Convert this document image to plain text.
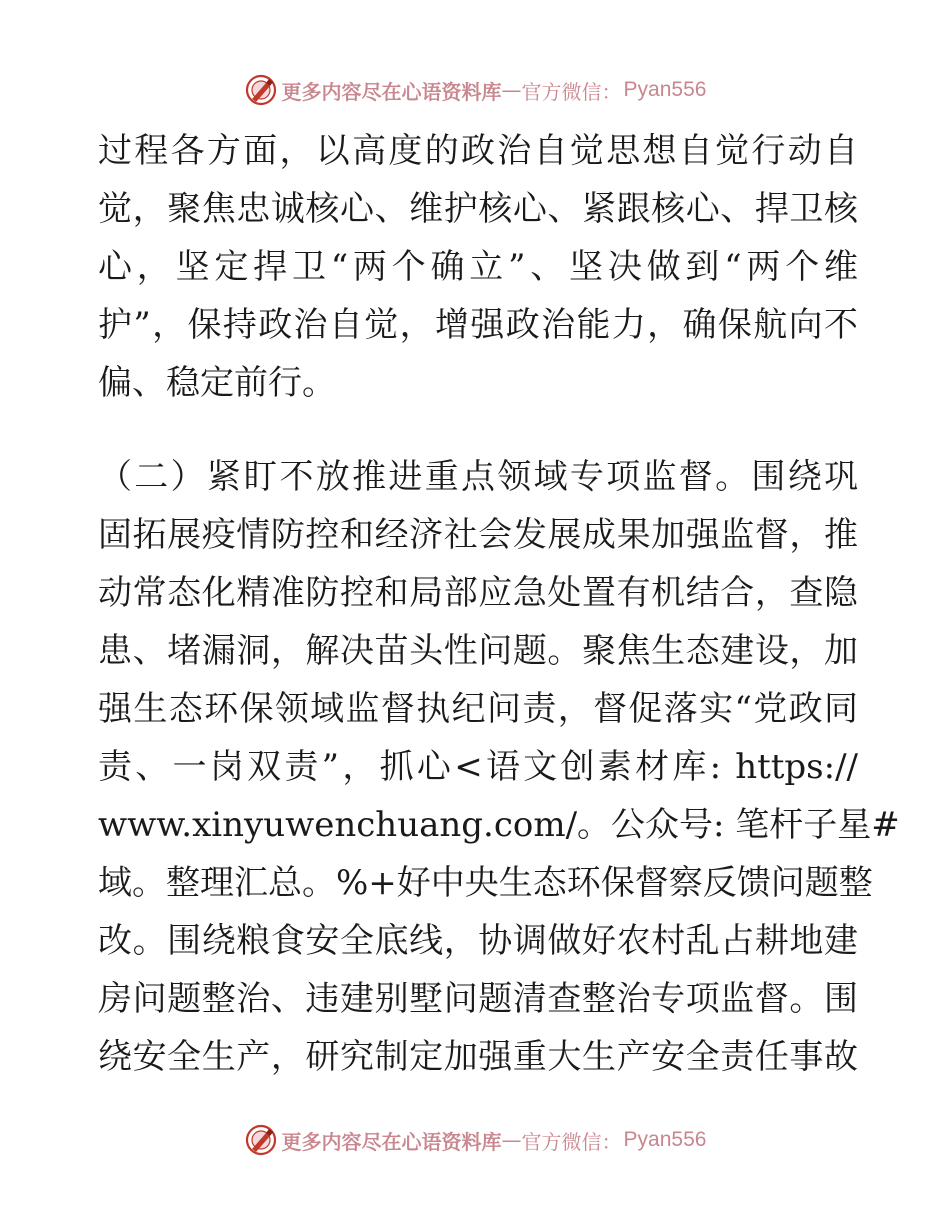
更多内容尽在心语资料库 — 官方微信： Pyan556
过程各方面，以高度的政治自觉思想自觉行动自
觉，聚焦忠诚核心、维护核心、紧跟核心、捍卫核
心，坚定捍卫“两个确立”、坚决做到“两个维
护”，保持政治自觉，增强政治能力，确保航向不
偏、稳定前行。
（二）紧盯不放推进重点领域专项监督。围绕巩
固拓展疫情防控和经济社会发展成果加强监督，推
动常态化精准防控和局部应急处置有机结合，查隐
患、堵漏洞，解决苗头性问题。聚焦生态建设，加
强生态环保领域监督执纪问责，督促落实“党政同
责、一岗双责”，抓心<语文创素材库: https://
www.xinyuwenchuang.com/。公众号: 笔杆子星#
域。整理汇总。%+好中央生态环保督察反馈问题整
改。围绕粮食安全底线，协调做好农村乱占耕地建
房问题整治、违建别墅问题清查整治专项监督。围
绕安全生产，研究制定加强重大生产安全责任事故
更多内容尽在心语资料库 — 官方微信： Pyan556
